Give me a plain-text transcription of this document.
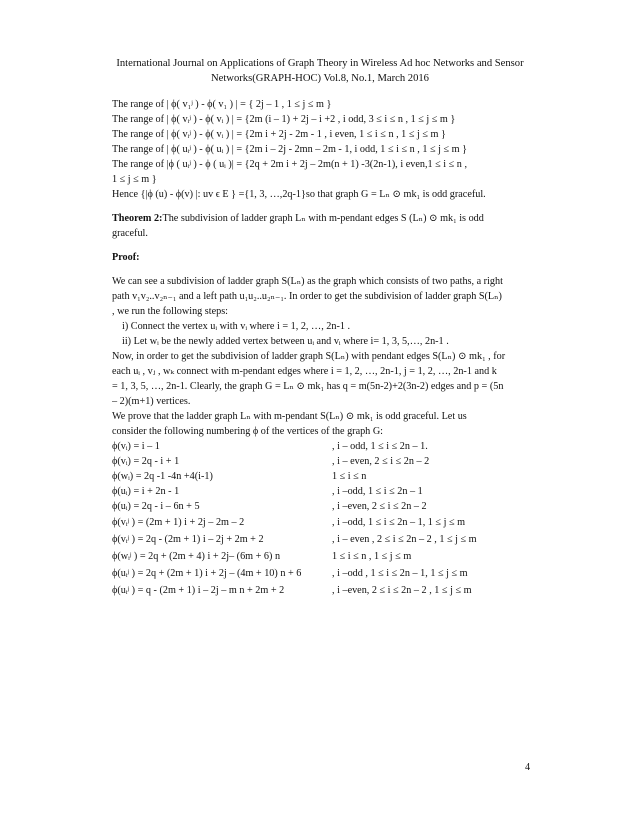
International Journal on Applications of Graph Theory in Wireless Ad hoc Networks and Sensor
Networks(GRAPH-HOC) Vol.8, No.1, March 2016
The range of | ϕ( v₁ʲ ) - ϕ( v₁ ) | = { 2j – 1 , 1 ≤ j ≤ m }
The range of | ϕ( vᵢʲ ) - ϕ( vᵢ ) | = {2m (i – 1) + 2j – i +2 , i odd, 3 ≤ i ≤ n , 1 ≤ j ≤ m }
The range of | ϕ( vᵢʲ ) - ϕ( vᵢ ) | = {2m i + 2j - 2m - 1 , i even, 1 ≤ i ≤ n , 1 ≤ j ≤ m }
The range of | ϕ( uᵢʲ ) - ϕ( uᵢ ) | = {2m i – 2j - 2mn – 2m - 1, i odd, 1 ≤ i ≤ n , 1 ≤ j ≤ m }
The range of |ϕ ( uᵢʲ ) - ϕ ( uᵢ )| = {2q + 2m i + 2j – 2m(n + 1) -3(2n-1), i even,1 ≤ i ≤ n ,
1 ≤ j ≤ m }
Hence {|ϕ (u) - ϕ(v) |: uv ϵ E } ={1, 3, …,2q-1}so that graph G = Lₙ ⊙ mk₁ is odd graceful.
Theorem 2:The subdivision of ladder graph Lₙ with m-pendant edges S (Lₙ) ⊙ mk₁ is odd
graceful.
Proof:
We can see a subdivision of ladder graph S(Lₙ) as the graph which consists of two paths, a right
path v₁v₂..v₂ₙ₋₁ and a left path u₁u₂..u₂ₙ₋₁. In order to get the subdivision of ladder graph S(Lₙ)
, we run the following steps:
i) Connect the vertex uᵢ with vᵢ where i = 1, 2, …, 2n-1 .
ii) Let wᵢ be the newly added vertex between uᵢ and vᵢ where i= 1, 3, 5,…, 2n-1 .
Now, in order to get the subdivision of ladder graph S(Lₙ) with pendant edges S(Lₙ) ⊙ mk₁ , for
each uᵢ , vⱼ , wₖ connect with m-pendant edges where i = 1, 2, …, 2n-1, j = 1, 2, …, 2n-1 and k
= 1, 3, 5, …, 2n-1. Clearly, the graph G = Lₙ ⊙ mk₁ has q = m(5n-2)+2(3n-2) edges and p = (5n
– 2)(m+1) vertices.
We prove that the ladder graph Lₙ with m-pendant S(Lₙ) ⊙ mk₁ is odd graceful. Let us
consider the following numbering ϕ of the vertices of the graph G:
ϕ(vᵢ) = i – 1	, i – odd, 1 ≤ i ≤ 2n – 1.
ϕ(vᵢ) = 2q - i + 1	, i – even, 2 ≤ i ≤ 2n – 2
ϕ(wᵢ) = 2q -1 -4n +4(i-1)	1 ≤ i ≤ n
ϕ(uᵢ) = i + 2n - 1	, i –odd, 1 ≤ i ≤ 2n – 1
ϕ(uᵢ) = 2q - i – 6n + 5	, i –even, 2 ≤ i ≤ 2n – 2
ϕ(vᵢʲ ) = (2m + 1) i + 2j – 2m – 2	, i –odd, 1 ≤ i ≤ 2n – 1, 1 ≤ j ≤ m
ϕ(vᵢʲ ) = 2q - (2m + 1) i – 2j + 2m + 2	, i – even , 2 ≤ i ≤ 2n – 2 , 1 ≤ j ≤ m
ϕ(wᵢʲ ) = 2q + (2m + 4) i + 2j– (6m + 6) n	1 ≤ i ≤ n , 1 ≤ j ≤ m
ϕ(uᵢʲ ) = 2q + (2m + 1) i + 2j – (4m + 10) n + 6	, i –odd , 1 ≤ i ≤ 2n – 1, 1 ≤ j ≤ m
ϕ(uᵢʲ ) = q - (2m + 1) i – 2j – m n + 2m + 2	, i –even, 2 ≤ i ≤ 2n – 2 , 1 ≤ j ≤ m
4
